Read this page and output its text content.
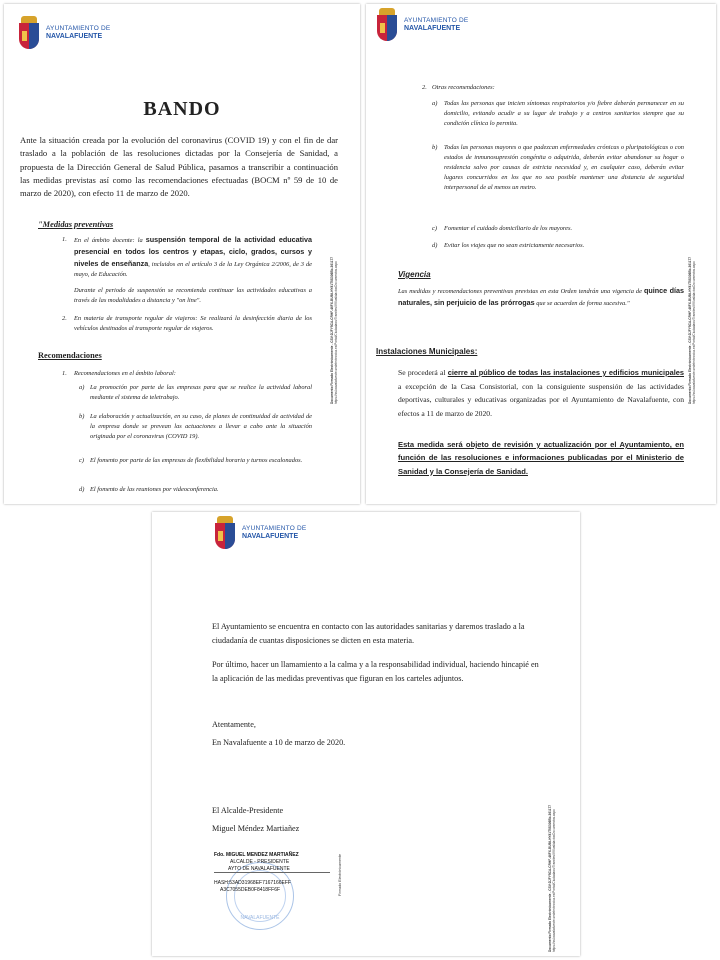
AYUNTAMIENTO DE
NAVALAFUENTE
BANDO
Ante la situación creada por la evolución del coronavirus (COVID 19) y con el fin de dar traslado a la población de las resoluciones dictadas por la Consejería de Sanidad, a propuesta de la Dirección General de Salud Pública, pasamos a transcribir a continuación las medidas previstas así como las recomendaciones efectuadas (BOCM nº 59 de 10 de marzo de 2020), con efecto 11 de marzo de 2020.
"Medidas preventivas
1. En el ámbito docente: la suspensión temporal de la actividad educativa presencial en todos los centros y etapas, ciclo, grados, cursos y niveles de enseñanza, incluidos en el artículo 3 de la Ley Orgánica 2/2006, de 3 de mayo, de Educación.
Durante el periodo de suspensión se recomienda continuar las actividades educativas a través de las modalidades a distancia y "on line".
2. En materia de transporte regular de viajeros: Se realizará la desinfección diaria de los vehículos destinados al transporte regular de viajeros.
Recomendaciones
1. Recomendaciones en el ámbito laboral:
a) La promoción por parte de las empresas para que se realice la actividad laboral mediante el sistema de teletrabajo.
b) La elaboración y actualización, en su caso, de planes de continuidad de actividad de la empresa donde se prevean las actuaciones a llevar a cabo ante la situación originada por el coronavirus (COVID 19).
c) El fomento por parte de las empresas de flexibilidad horaria y turnos escalonados.
d) El fomento de las reuniones por videoconferencia.
Documento Firmado Electrónicamente - CSV:DJFY5CA-CRHF-46FX-BU58-HY81T5S306Bb-361177 https://ssl.navalafuente.sedelectronica.es/Portal/Ciudadano/Tramites/VV/validacionDocumentos.aspx
AYUNTAMIENTO DE
NAVALAFUENTE
2. Otras recomendaciones:
a) Todas las personas que inicien síntomas respiratorios y/o fiebre deberán permanecer en su domicilio, evitando acudir a su lugar de trabajo y a centros sanitarios siempre que su condición clínica lo permita.
b) Todas las personas mayores o que padezcan enfermedades crónicas o pluripatológicas o con estados de inmunosupresión congénita o adquirida, deberán evitar abandonar su hogar o residencia salvo por causas de estricta necesidad y, en cualquier caso, deberán evitar lugares concurridos en los que no sea posible mantener una distancia de seguridad interpersonal de al menos un metro.
c) Fomentar el cuidado domiciliario de los mayores.
d) Evitar los viajes que no sean estrictamente necesarios.
Vigencia
Las medidas y recomendaciones preventivas previstas en esta Orden tendrán una vigencia de quince días naturales, sin perjuicio de las prórrogas que se acuerden de forma sucesiva."
Instalaciones Municipales:
Se procederá al cierre al público de todas las instalaciones y edificios municipales a excepción de la Casa Consistorial, con la consiguiente suspensión de las actividades deportivas, culturales y educativas organizadas por el Ayuntamiento de Navalafuente, con efectos a 11 de marzo de 2020.
Esta medida será objeto de revisión y actualización por el Ayuntamiento, en función de las resoluciones e informaciones publicadas por el Ministerio de Sanidad y la Consejería de Sanidad.
Documento Firmado Electrónicamente - CSV:DJFY5CA-CRHF-46FX-BU58-HY81T5S306Bb-361177 https://ssl.navalafuente.sedelectronica.es/Portal/Ciudadano/Tramites/VV/validacionDocumentos.aspx
AYUNTAMIENTO DE
NAVALAFUENTE
El Ayuntamiento se encuentra en contacto con las autoridades sanitarias y daremos traslado a la ciudadanía de cuantas disposiciones se dicten en esta materia.
Por último, hacer un llamamiento a la calma y a la responsabilidad individual, haciendo hincapié en la aplicación de las medidas preventivas que figuran en los carteles adjuntos.
Atentamente,
En Navalafuente a 10 de marzo de 2020.
El Alcalde-Presidente
Miguel Méndez Martiañez
NAVALAFUENTE
Fdo. MIGUEL MENDEZ MARTIAÑEZ
ALCALDE - PRESIDENTE
AYTO DE NAVALAFUENTE
HASH:53AD31968EF7167166EFF
A3C7055DEB0F8418FF6F	Firmado Electrónicamente	Documento Firmado Electrónicamente - CSV:DJFY5CA-CRHF-46FX-BU58-HY81T5S306Bb-361177 https://ssl.navalafuente.sedelectronica.es/Portal/Ciudadano/Tramites/VV/validacionDocumentos.aspx
